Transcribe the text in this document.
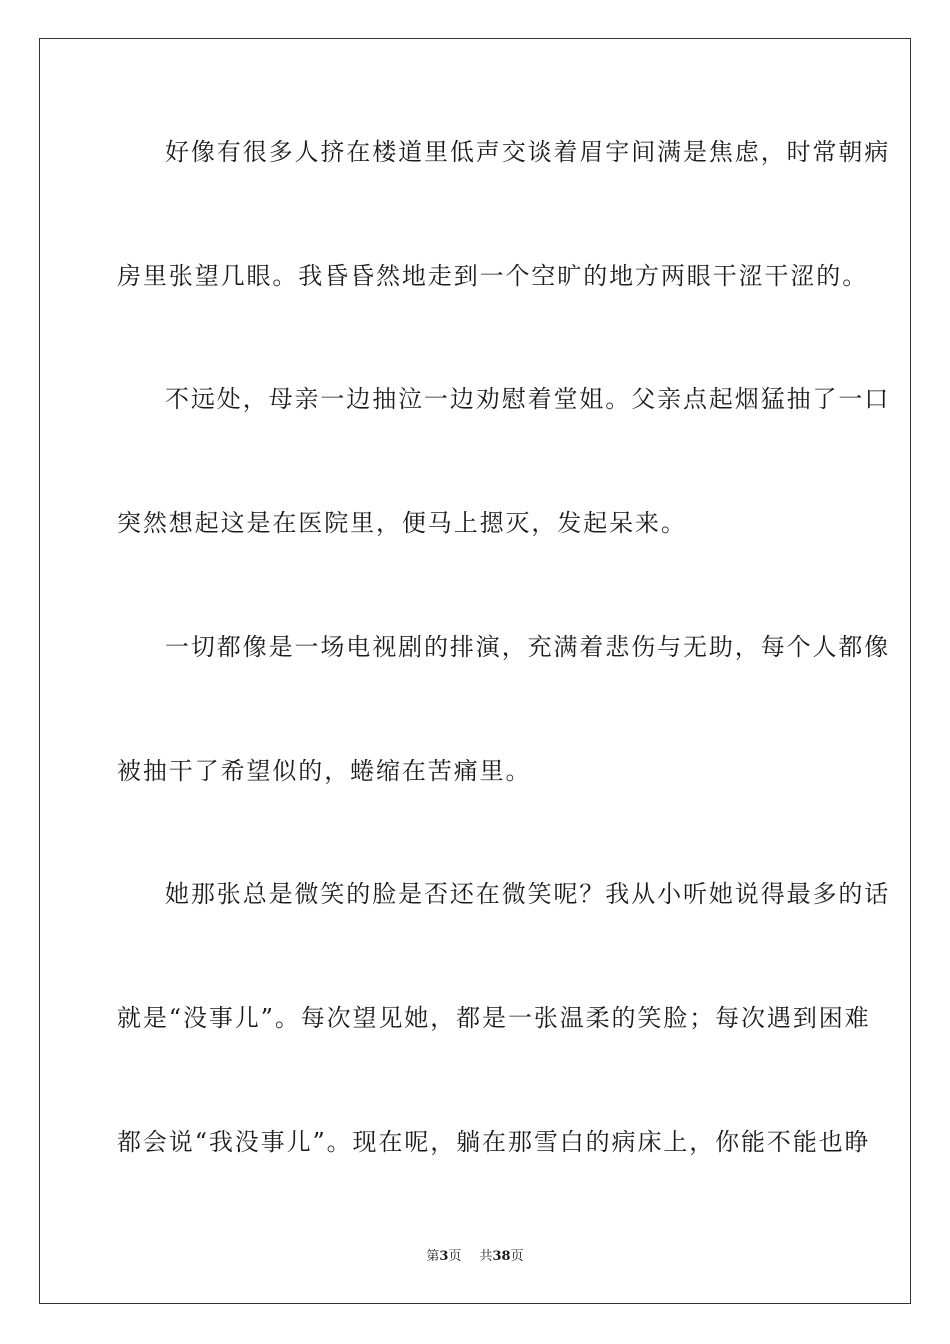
好像有很多人挤在楼道里低声交谈着眉宇间满是焦虑，时常朝病
房里张望几眼。我昏昏然地走到一个空旷的地方两眼干涩干涩的。
不远处，母亲一边抽泣一边劝慰着堂姐。父亲点起烟猛抽了一口
突然想起这是在医院里，便马上摁灭，发起呆来。
一切都像是一场电视剧的排演，充满着悲伤与无助，每个人都像
被抽干了希望似的，蜷缩在苦痛里。
她那张总是微笑的脸是否还在微笑呢？我从小听她说得最多的话
就是“没事儿”。每次望见她，都是一张温柔的笑脸；每次遇到困难
都会说“我没事儿”。现在呢，躺在那雪白的病床上，你能不能也睁
第3页 共38页
